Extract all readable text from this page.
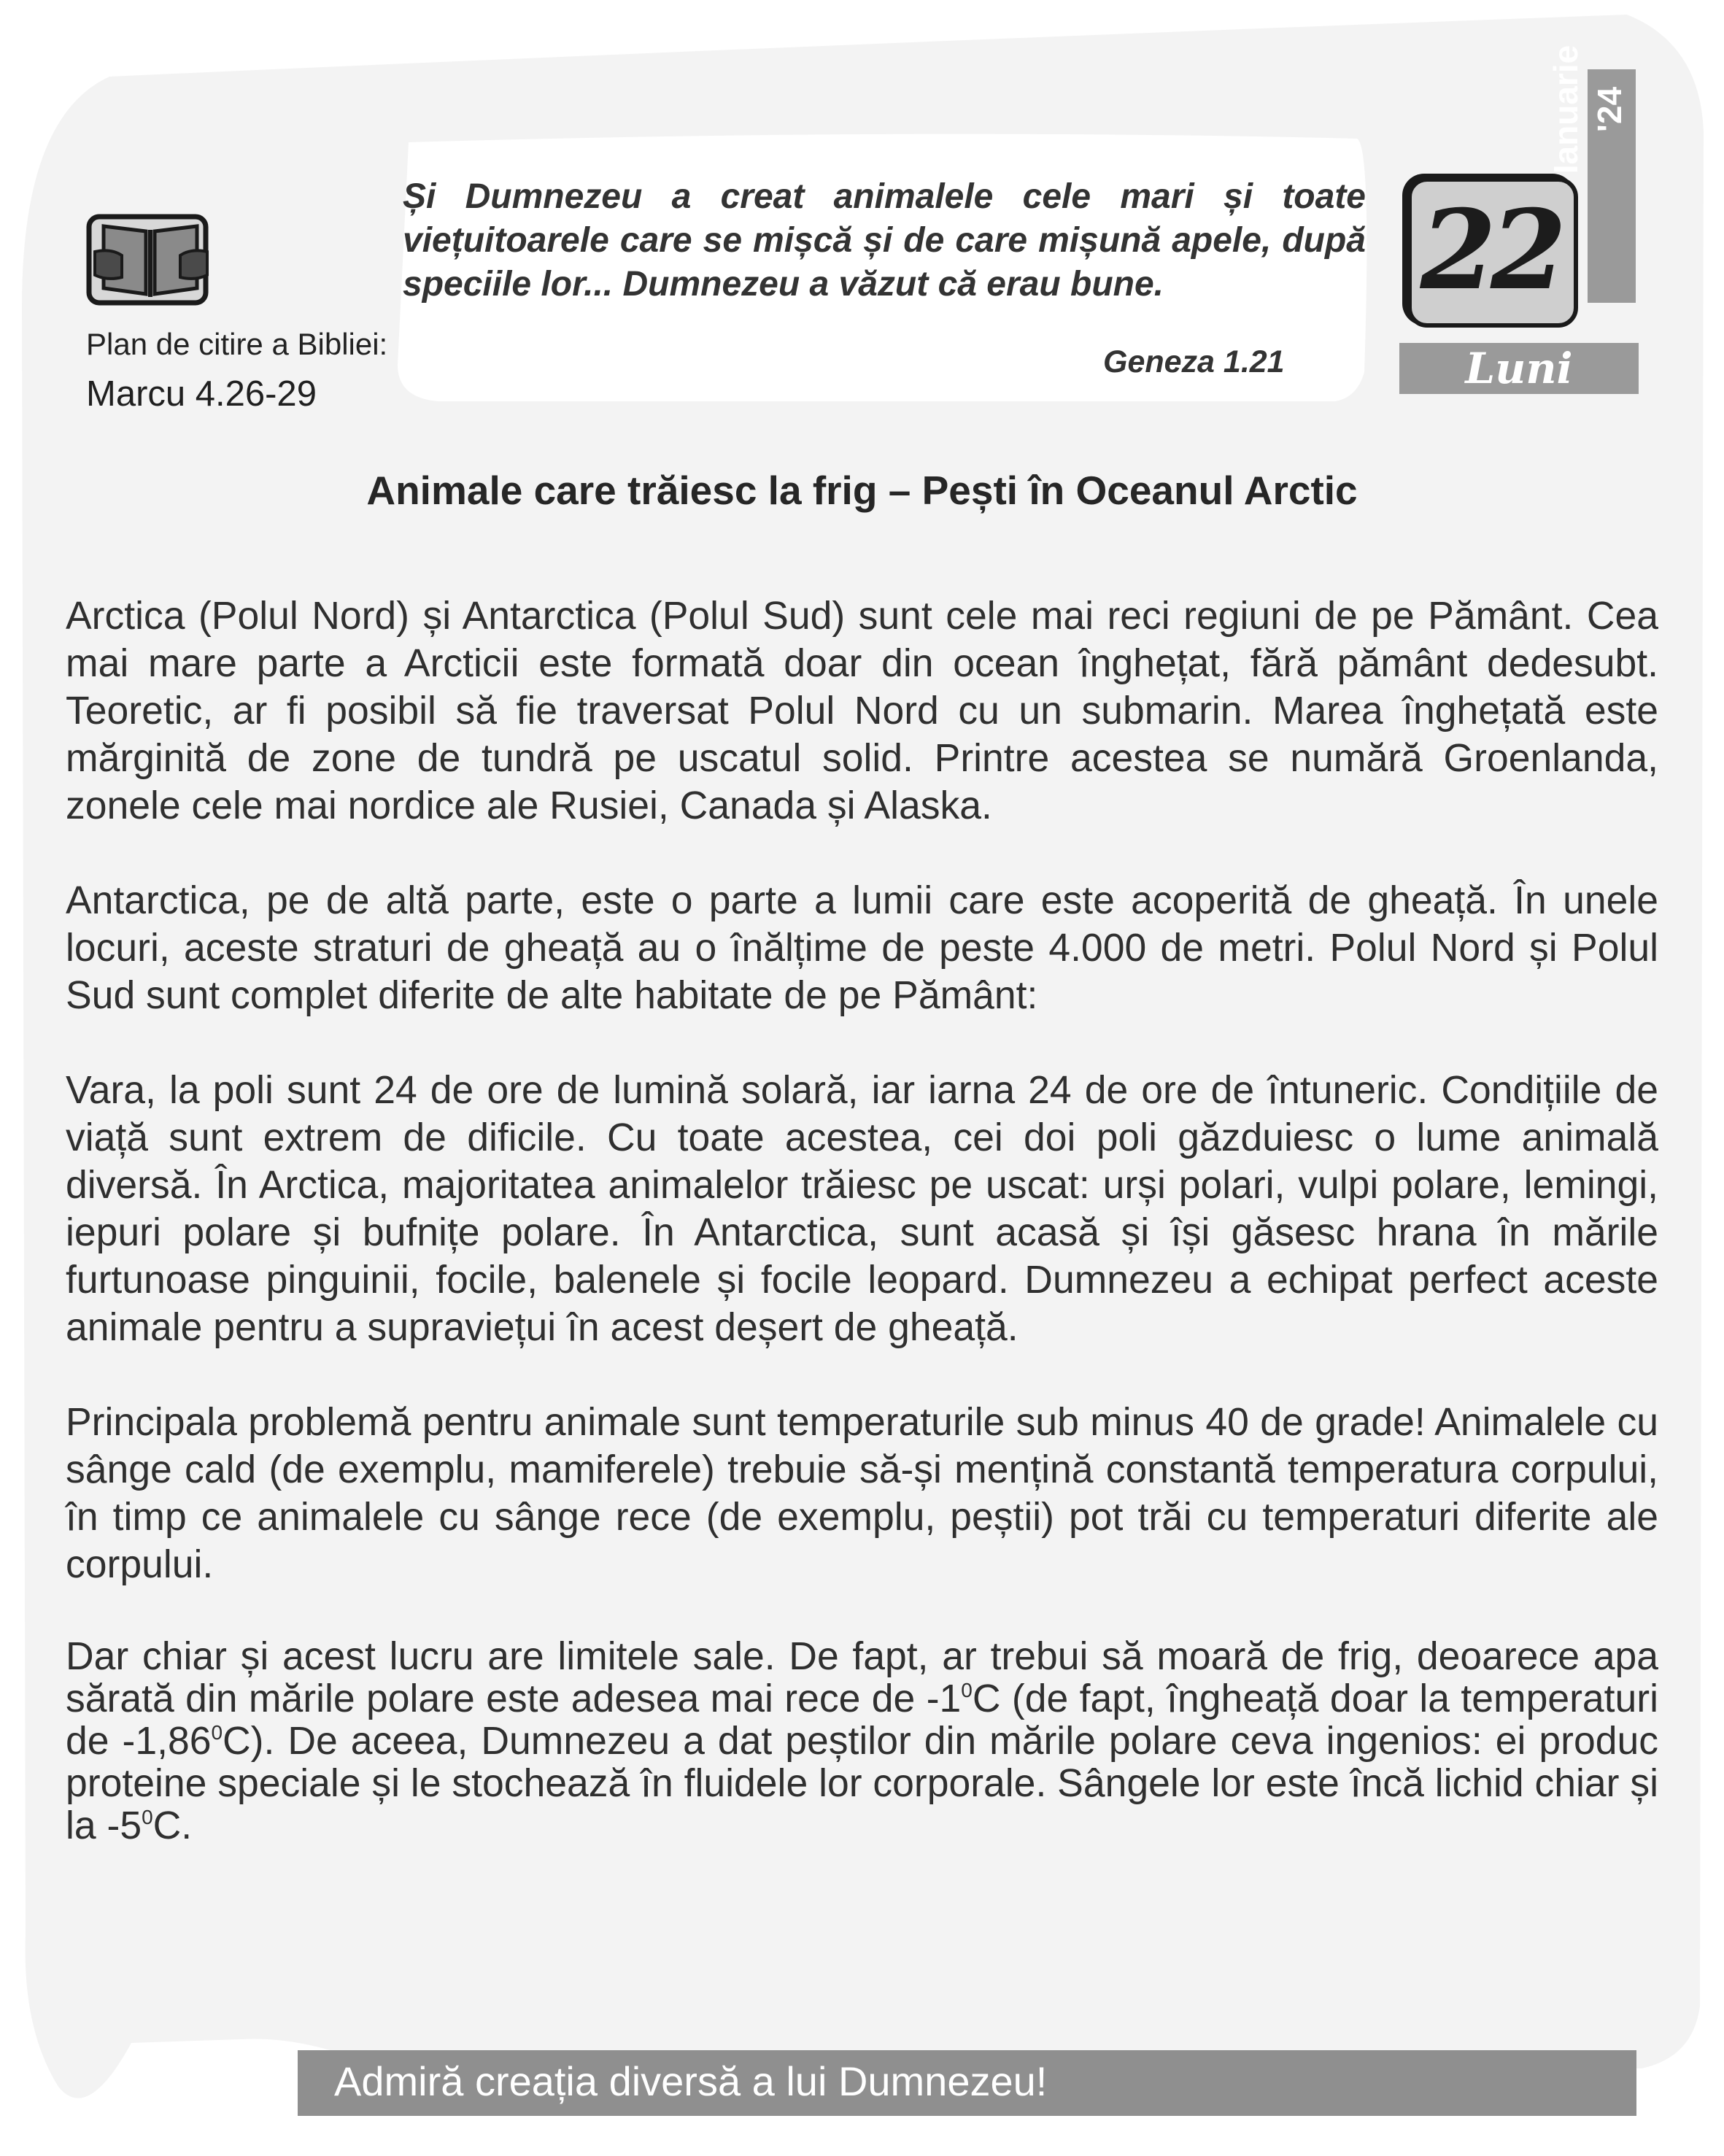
Plan de citire a Bibliei:
Marcu 4.26-29
Și Dumnezeu a creat animalele cele mari și toate viețuitoarele care se mișcă și de care mișună apele, după speciile lor... Dumnezeu a văzut că erau bune.
Geneza 1.21
22
Ianuarie '24
Luni
Animale care trăiesc la frig – Pești în Oceanul Arctic

Arctica (Polul Nord) și Antarctica (Polul Sud) sunt cele mai reci regiuni de pe Pământ. Cea mai mare parte a Arcticii este formată doar din ocean înghețat, fără pământ dedesubt. Teoretic, ar fi posibil să fie traversat Polul Nord cu un submarin. Marea înghețată este mărginită de zone de tundră pe uscatul solid. Printre acestea se numără Groenlanda, zonele cele mai nordice ale Rusiei, Canada și Alaska.

Antarctica, pe de altă parte, este o parte a lumii care este acoperită de gheață. În unele locuri, aceste straturi de gheață au o înălțime de peste 4.000 de metri. Polul Nord și Polul Sud sunt complet diferite de alte habitate de pe Pământ:

Vara, la poli sunt 24 de ore de lumină solară, iar iarna 24 de ore de întuneric. Condițiile de viață sunt extrem de dificile. Cu toate acestea, cei doi poli găzduiesc o lume animală diversă. În Arctica, majoritatea animalelor trăiesc pe uscat: urși polari, vulpi polare, lemingi, iepuri polare și bufnițe polare. În Antarctica, sunt acasă și își găsesc hrana în mările furtunoase pinguinii, focile, balenele și focile leopard. Dumnezeu a echipat perfect aceste animale pentru a supraviețui în acest deșert de gheață.

Principala problemă pentru animale sunt temperaturile sub minus 40 de grade! Animalele cu sânge cald (de exemplu, mamiferele) trebuie să-și mențină constantă temperatura corpului, în timp ce animalele cu sânge rece (de exemplu, peștii) pot trăi cu temperaturi diferite ale corpului.

Dar chiar și acest lucru are limitele sale. De fapt, ar trebui să moară de frig, deoarece apa sărată din mările polare este adesea mai rece de $-1^0C$ (de fapt, îngheață doar la temperaturi de -1,86$^0$C). De aceea, Dumnezeu a dat peștilor din mările polare ceva ingenios: ei produc proteine speciale și le stochează în fluidele lor corporale. Sângele lor este încă lichid chiar și la $-5^0C$.

Admiră creația diversă a lui Dumnezeu!
